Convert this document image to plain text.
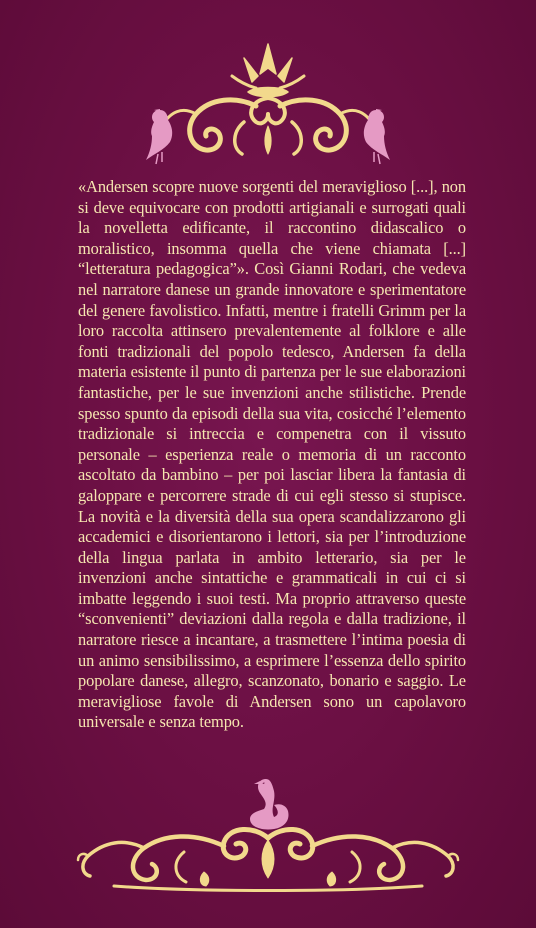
«Andersen scopre nuove sorgenti del meraviglioso [...], non si deve equivocare con prodotti artigianali e surrogati quali la novelletta edificante, il raccontino didascalico o moralistico, insomma quella che viene chiamata [...] “letteratura pedagogica”». Così Gianni Rodari, che vedeva nel narratore danese un grande innovatore e sperimentatore del genere favolistico. Infatti, mentre i fratelli Grimm per la loro raccolta attinsero prevalentemente al folklore e alle fonti tradizionali del popolo tedesco, Andersen fa della materia esistente il punto di partenza per le sue elaborazioni fantastiche, per le sue invenzioni anche stilistiche. Prende spesso spunto da episodi della sua vita, cosicché l’elemento tradizionale si intreccia e compenetra con il vissuto personale – esperienza reale o memoria di un racconto ascoltato da bambino – per poi lasciar libera la fantasia di galoppare e percorrere strade di cui egli stesso si stupisce. La novità e la diversità della sua opera scandalizzarono gli accademici e disorientarono i lettori, sia per l’introduzione della lingua parlata in ambito letterario, sia per le invenzioni anche sintattiche e grammaticali in cui ci si imbatte leggendo i suoi testi. Ma proprio attraverso queste “sconvenienti” deviazioni dalla regola e dalla tradizione, il narratore riesce a incantare, a trasmettere l’intima poesia di un animo sensibilissimo, a esprimere l’essenza dello spirito popolare danese, allegro, scanzonato, bonario e saggio. Le meravigliose favole di Andersen sono un capolavoro universale e senza tempo.
